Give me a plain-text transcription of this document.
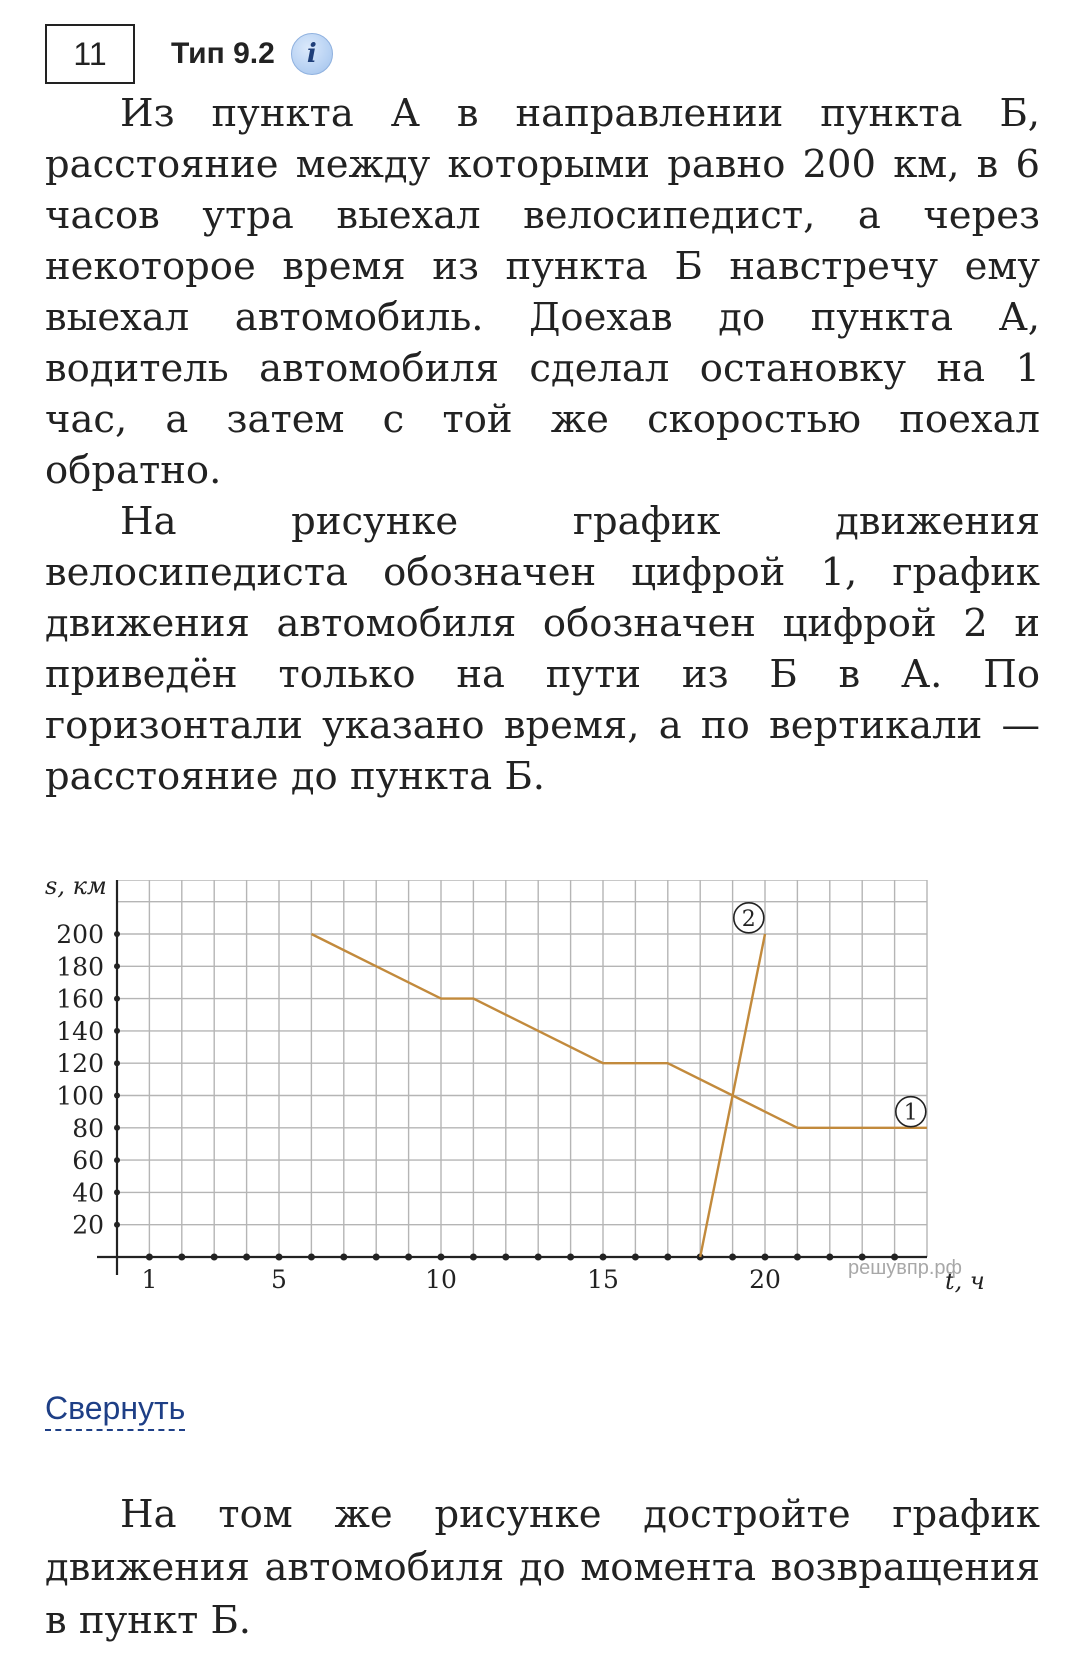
11	Тип 9.2	i

Из пункта А в направлении пункта Б, расстояние между которыми равно 200 км, в 6 часов утра выехал велосипедист, а через некоторое время из пункта Б навстречу ему выехал автомобиль. Доехав до пункта А, водитель автомобиля сделал остановку на 1 час, а затем с той же скоростью поехал обратно.

На рисунке график движения велосипедиста обозначен цифрой 1, график движения автомобиля обозначен цифрой 2 и приведён только на пути из Б в А. По горизонтали указано время, а по вертикали — расстояние до пункта Б.

20
40
60
80
100
120
140
160
180
200
1	5	10	15	20
s, км
t, ч
решувпр.рф
1
2
Свернуть

На том же рисунке достройте график движения автомобиля до момента возвращения в пункт Б.
